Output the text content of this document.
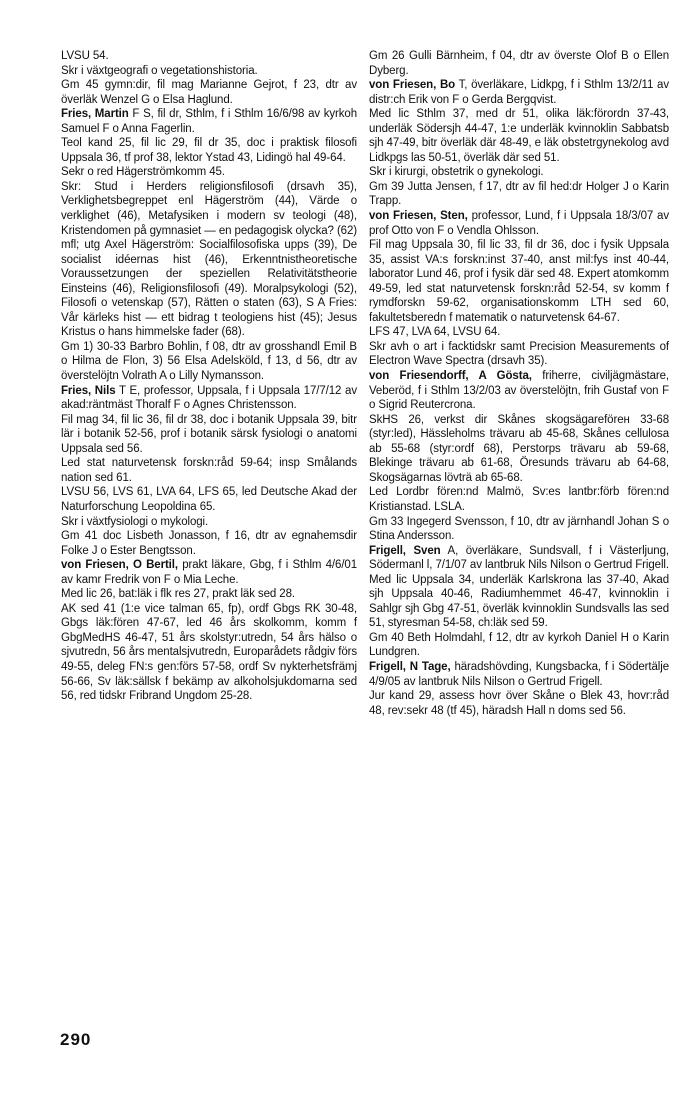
LVSU 54.

Skr i växtgeografi o vegetationshistoria.

Gm 45 gymn:dir, fil mag Marianne Gejrot, f 23, dtr av överläk Wenzel G o Elsa Haglund.

Fries, Martin F S, fil dr, Sthlm, f i Sthlm 16/6/98 av kyrkoh Samuel F o Anna Fagerlin.

Teol kand 25, fil lic 29, fil dr 35, doc i praktisk filosofi Uppsala 36, tf prof 38, lektor Ystad 43, Lidingö hal 49-64.

Sekr o red Hägerströmkomm 45.

Skr: Stud i Herders religionsfilosofi (drsavh 35), Verklighetsbegreppet enl Hägerström (44), Värde o verklighet (46), Metafysiken i modern sv teologi (48), Kristendomen på gymnasiet — en pedagogisk olycka? (62) mfl; utg Axel Hägerström: Socialfilosofiska upps (39), De socialist idéernas hist (46), Erkenntnistheoretische Voraussetzungen der speziellen Relativitätstheorie Einsteins (46), Religionsfilosofi (49). Moralpsykologi (52), Filosofi o vetenskap (57), Rätten o staten (63), S A Fries: Vår kärleks hist — ett bidrag t teologiens hist (45); Jesus Kristus o hans himmelske fader (68).

Gm 1) 30-33 Barbro Bohlin, f 08, dtr av grosshandl Emil B o Hilma de Flon, 3) 56 Elsa Adelsköld, f 13, d 56, dtr av överstelöjtn Volrath A o Lilly Nymansson.

Fries, Nils T E, professor, Uppsala, f i Uppsala 17/7/12 av akad:räntmäst Thoralf F o Agnes Christensson.

Fil mag 34, fil lic 36, fil dr 38, doc i botanik Uppsala 39, bitr lär i botanik 52-56, prof i botanik särsk fysiologi o anatomi Uppsala sed 56.

Led stat naturvetensk forskn:råd 59-64; insp Smålands nation sed 61.

LVSU 56, LVS 61, LVA 64, LFS 65, led Deutsche Akad der Naturforschung Leopoldina 65.

Skr i växtfysiologi o mykologi.

Gm 41 doc Lisbeth Jonasson, f 16, dtr av egnahemsdir Folke J o Ester Bengtsson.

von Friesen, O Bertil, prakt läkare, Gbg, f i Sthlm 4/6/01 av kamr Fredrik von F o Mia Leche.

Med lic 26, bat:läk i flk res 27, prakt läk sed 28.

AK sed 41 (1:e vice talman 65, fp), ordf Gbgs RK 30-48, Gbgs läk:fören 47-67, led 46 års skolkomm, komm f GbgMedHS 46-47, 51 års skolstyr:utredn, 54 års hälso o sjvutredn, 56 års mentalsjvutredn, Europarådets rådgiv förs 49-55, deleg FN:s gen:förs 57-58, ordf Sv nykterhetsfrämj 56-66, Sv läk:sällsk f bekämp av alkoholsjukdomarna sed 56, red tidskr Fribrand Ungdom 25-28.

Gm 26 Gulli Bärnheim, f 04, dtr av överste Olof B o Ellen Dyberg.

von Friesen, Bo T, överläkare, Lidkpg, f i Sthlm 13/2/11 av distr:ch Erik von F o Gerda Bergqvist.

Med lic Sthlm 37, med dr 51, olika läk:förordn 37-43, underläk Södersjh 44-47, 1:e underläk kvinnoklin Sabbatsb sjh 47-49, bitr överläk där 48-49, e läk obstetrgynekolog avd Lidkpgs las 50-51, överläk där sed 51.

Skr i kirurgi, obstetrik o gynekologi.

Gm 39 Jutta Jensen, f 17, dtr av fil hed:dr Holger J o Karin Trapp.

von Friesen, Sten, professor, Lund, f i Uppsala 18/3/07 av prof Otto von F o Vendla Ohlsson.

Fil mag Uppsala 30, fil lic 33, fil dr 36, doc i fysik Uppsala 35, assist VA:s forskn:inst 37-40, anst mil:fys inst 40-44, laborator Lund 46, prof i fysik där sed 48. Expert atomkomm 49-59, led stat naturvetensk forskn:råd 52-54, sv komm f rymdforskn 59-62, organisationskomm LTH sed 60, fakultetsberedn f matematik o naturvetensk 64-67.

LFS 47, LVA 64, LVSU 64.

Skr avh o art i facktidskr samt Precision Measurements of Electron Wave Spectra (drsavh 35).

von Friesendorff, A Gösta, friherre, civiljägmästare, Veberöd, f i Sthlm 13/2/03 av överstelöjtn, frih Gustaf von F o Sigrid Reutercrona.

SkHS 26, verkst dir Skånes skogsägareförен 33-68 (styr:led), Hässleholms trävaru ab 45-68, Skånes cellulosa ab 55-68 (styr:ordf 68), Perstorps trävaru ab 59-68, Blekinge trävaru ab 61-68, Öresunds trävaru ab 64-68, Skogsägarnas lövträ ab 65-68.

Led Lordbr fören:nd Malmö, Sv:es lantbr:förb fören:nd Kristianstad. LSLA.

Gm 33 Ingegerd Svensson, f 10, dtr av järnhandl Johan S o Stina Andersson.

Frigell, Sven A, överläkare, Sundsvall, f i Västerljung, Södermanl l, 7/1/07 av lantbruk Nils Nilson o Gertrud Frigell.

Med lic Uppsala 34, underläk Karlskrona las 37-40, Akad sjh Uppsala 40-46, Radiumhemmet 46-47, kvinnoklin i Sahlgr sjh Gbg 47-51, överläk kvinnoklin Sundsvalls las sed 51, styresman 54-58, ch:läk sed 59.

Gm 40 Beth Holmdahl, f 12, dtr av kyrkoh Daniel H o Karin Lundgren.

Frigell, N Tage, häradshövding, Kungsbacka, f i Södertälje 4/9/05 av lantbruk Nils Nilson o Gertrud Frigell.

Jur kand 29, assess hovr över Skåne o Blek 43, hovr:råd 48, rev:sekr 48 (tf 45), häradsh Hall n doms sed 56.

290
